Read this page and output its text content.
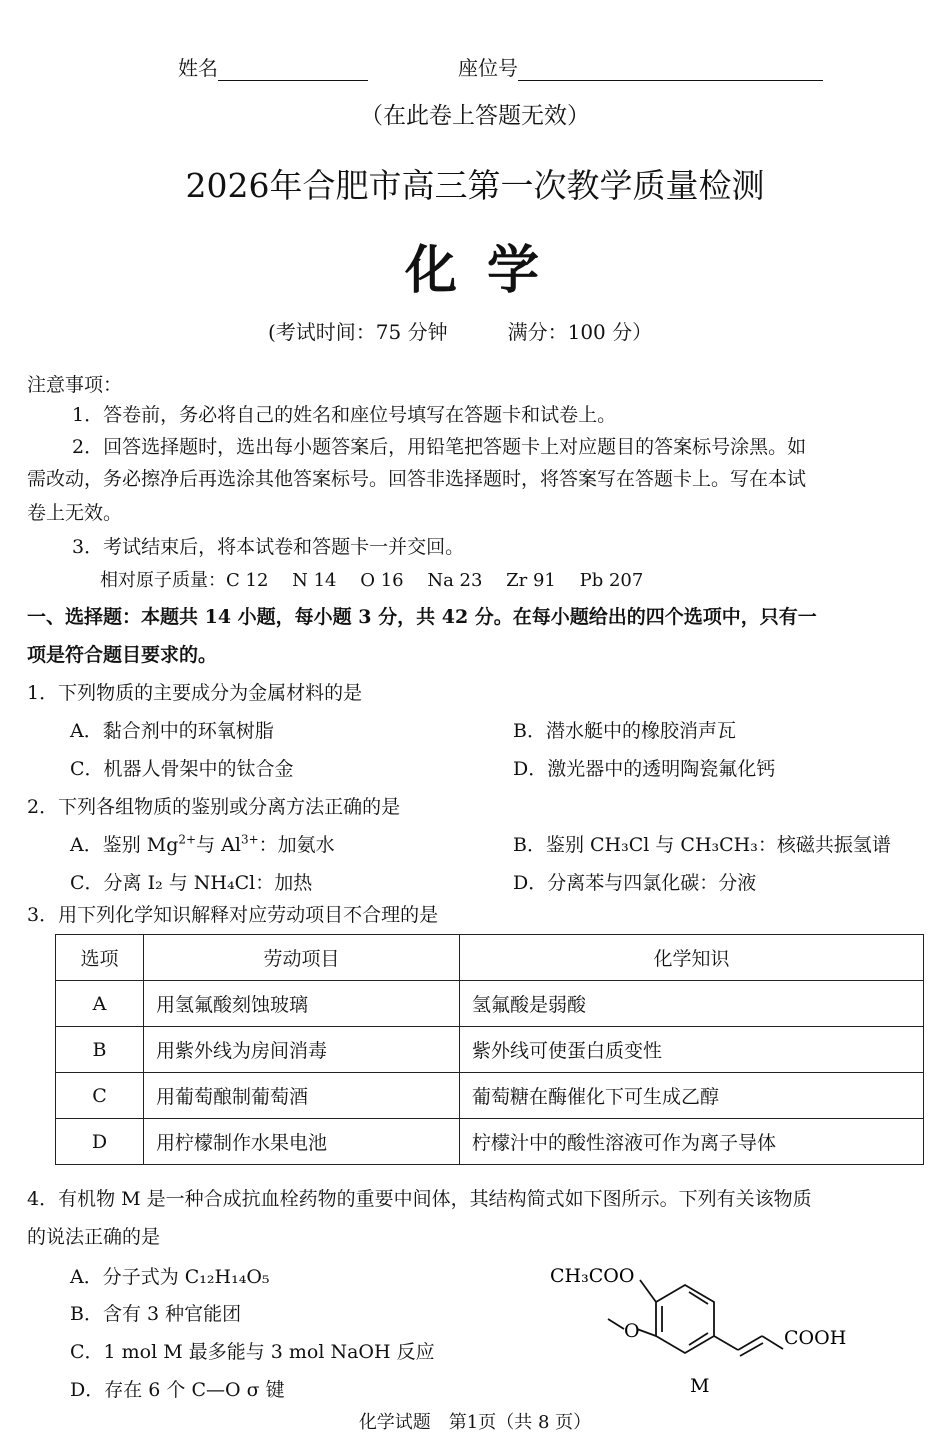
姓名	座位号
（在此卷上答题无效）
2026年合肥市高三第一次教学质量检测
化 学
(考试时间：75 分钟　　　满分：100 分）
注意事项：
1．答卷前，务必将自己的姓名和座位号填写在答题卡和试卷上。
2．回答选择题时，选出每小题答案后，用铅笔把答题卡上对应题目的答案标号涂黑。如
需改动，务必擦净后再选涂其他答案标号。回答非选择题时，将答案写在答题卡上。写在本试
卷上无效。
3．考试结束后，将本试卷和答题卡一并交回。
相对原子质量：C 12　 N 14　 O 16　 Na 23　 Zr 91　 Pb 207
一、选择题：本题共 14 小题，每小题 3 分，共 42 分。在每小题给出的四个选项中，只有一
项是符合题目要求的。
1．下列物质的主要成分为金属材料的是
A．黏合剂中的环氧树脂	B．潜水艇中的橡胶消声瓦
C．机器人骨架中的钛合金	D．激光器中的透明陶瓷氟化钙
2．下列各组物质的鉴别或分离方法正确的是
A．鉴别 $Mg^{2+}$与 $Al^{3+}$：加氨水	B．鉴别 CH₃Cl 与 CH₃CH₃：核磁共振氢谱
C．分离 I₂ 与 NH₄Cl：加热	D．分离苯与四氯化碳：分液
3．用下列化学知识解释对应劳动项目不合理的是
选项	劳动项目	化学知识
A	用氢氟酸刻蚀玻璃	氢氟酸是弱酸
B	用紫外线为房间消毒	紫外线可使蛋白质变性
C	用葡萄酿制葡萄酒	葡萄糖在酶催化下可生成乙醇
D	用柠檬制作水果电池	柠檬汁中的酸性溶液可作为离子导体
4．有机物 M 是一种合成抗血栓药物的重要中间体，其结构简式如下图所示。下列有关该物质
的说法正确的是
A．分子式为 C₁₂H₁₄O₅
B．含有 3 种官能团
C．1 mol M 最多能与 3 mol NaOH 反应
D．存在 6 个 C—O σ 键
CH₃COO
O	COOH
M
化学试题　第1页（共 8 页）
